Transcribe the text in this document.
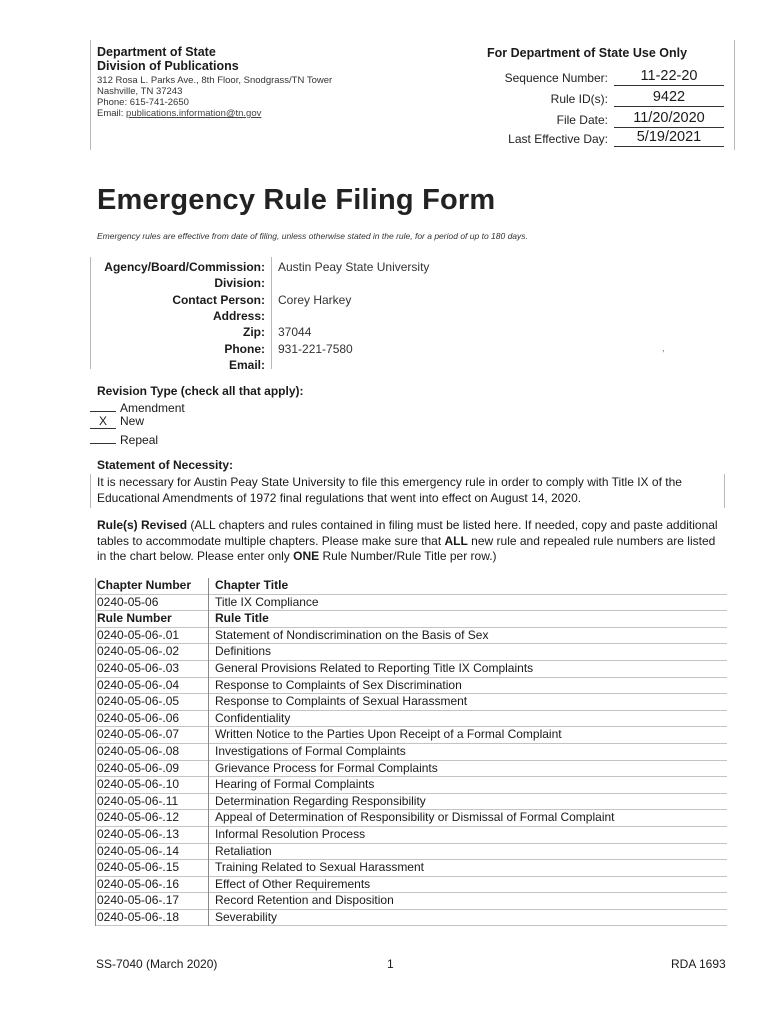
Department of State
Division of Publications
312 Rosa L. Parks Ave., 8th Floor, Snodgrass/TN Tower
Nashville, TN 37243
Phone: 615-741-2650
Email: publications.information@tn.gov
For Department of State Use Only
Sequence Number:	11-22-20
Rule ID(s):	9422
File Date:	11/20/2020
Last Effective Day:	5/19/2021
Emergency Rule Filing Form
Emergency rules are effective from date of filing, unless otherwise stated in the rule, for a period of up to 180 days.
Agency/Board/Commission: Austin Peay State University
Division:
Contact Person: Corey Harkey
Address:
Zip: 37044
Phone: 931-221-7580
Email:
,
Revision Type (check all that apply):
Amendment
X New
Repeal
Statement of Necessity:
It is necessary for Austin Peay State University to file this emergency rule in order to comply with Title IX of the Educational Amendments of 1972 final regulations that went into effect on August 14, 2020.
Rule(s) Revised (ALL chapters and rules contained in filing must be listed here. If needed, copy and paste additional tables to accommodate multiple chapters. Please make sure that ALL new rule and repealed rule numbers are listed in the chart below. Please enter only ONE Rule Number/Rule Title per row.)
Chapter Number	Chapter Title
0240-05-06	Title IX Compliance
Rule Number	Rule Title
0240-05-06-.01	Statement of Nondiscrimination on the Basis of Sex
0240-05-06-.02	Definitions
0240-05-06-.03	General Provisions Related to Reporting Title IX Complaints
0240-05-06-.04	Response to Complaints of Sex Discrimination
0240-05-06-.05	Response to Complaints of Sexual Harassment
0240-05-06-.06	Confidentiality
0240-05-06-.07	Written Notice to the Parties Upon Receipt of a Formal Complaint
0240-05-06-.08	Investigations of Formal Complaints
0240-05-06-.09	Grievance Process for Formal Complaints
0240-05-06-.10	Hearing of Formal Complaints
0240-05-06-.11	Determination Regarding Responsibility
0240-05-06-.12	Appeal of Determination of Responsibility or Dismissal of Formal Complaint
0240-05-06-.13	Informal Resolution Process
0240-05-06-.14	Retaliation
0240-05-06-.15	Training Related to Sexual Harassment
0240-05-06-.16	Effect of Other Requirements
0240-05-06-.17	Record Retention and Disposition
0240-05-06-.18	Severability
SS-7040 (March 2020)	1	RDA 1693
